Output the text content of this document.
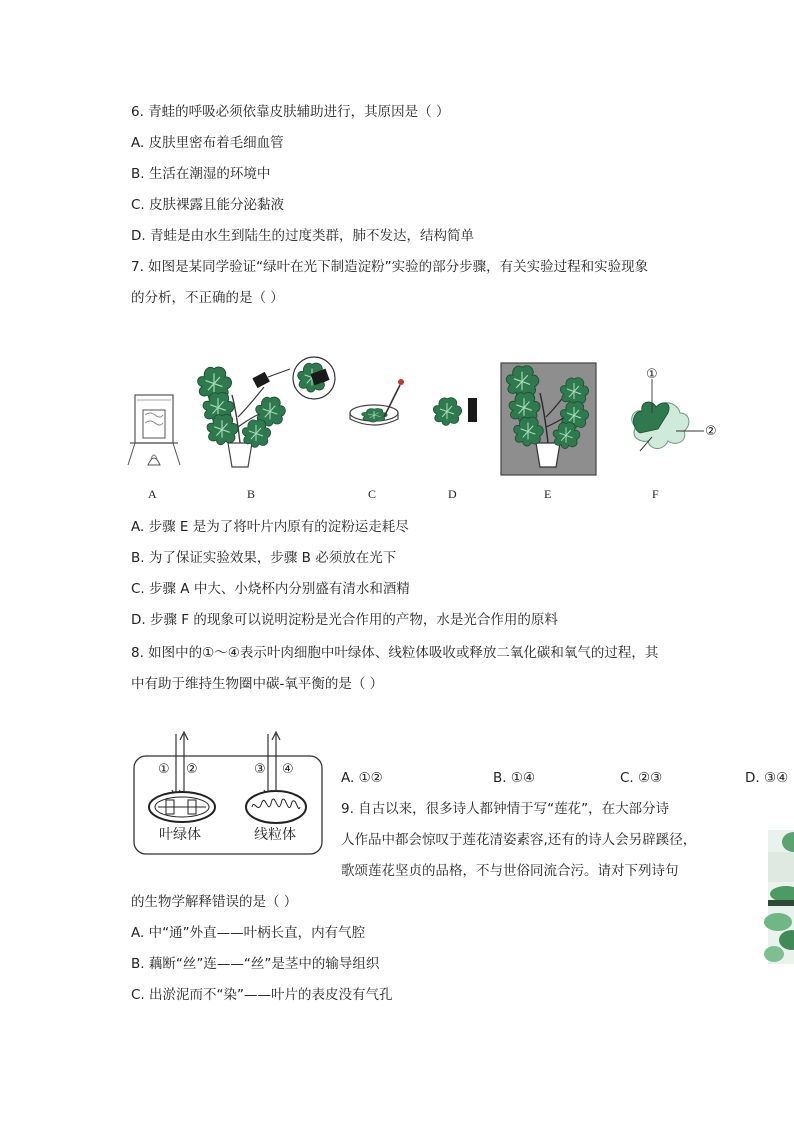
6. 青蛙的呼吸必须依靠皮肤辅助进行，其原因是（ ）
A. 皮肤里密布着毛细血管
B. 生活在潮湿的环境中
C. 皮肤裸露且能分泌黏液
D. 青蛙是由水生到陆生的过度类群，肺不发达，结构简单
7. 如图是某同学验证“绿叶在光下制造淀粉”实验的部分步骤，有关实验过程和实验现象
的分析，不正确的是（ ）
①
②
A	B	C	D	E	F
A. 步骤 E 是为了将叶片内原有的淀粉运走耗尽
B. 为了保证实验效果，步骤 B 必须放在光下
C. 步骤 A 中大、小烧杯内分别盛有清水和酒精
D. 步骤 F 的现象可以说明淀粉是光合作用的产物，水是光合作用的原料
8. 如图中的①～④表示叶肉细胞中叶绿体、线粒体吸收或释放二氧化碳和氧气的过程，其
中有助于维持生物圈中碳-氧平衡的是（ ）
① ②	③ ④
叶绿体	线粒体
A. ①②	B. ①④	C. ②③	D. ③④
9. 自古以来，很多诗人都钟情于写“莲花”，在大部分诗
人作品中都会惊叹于莲花清姿素容,还有的诗人会另辟蹊径，
歌颂莲花坚贞的品格，不与世俗同流合污。请对下列诗句
的生物学解释错误的是（ ）
A. 中“通”外直——叶柄长直，内有气腔
B. 藕断“丝”连——“丝”是茎中的输导组织
C. 出淤泥而不“染”——叶片的表皮没有气孔
